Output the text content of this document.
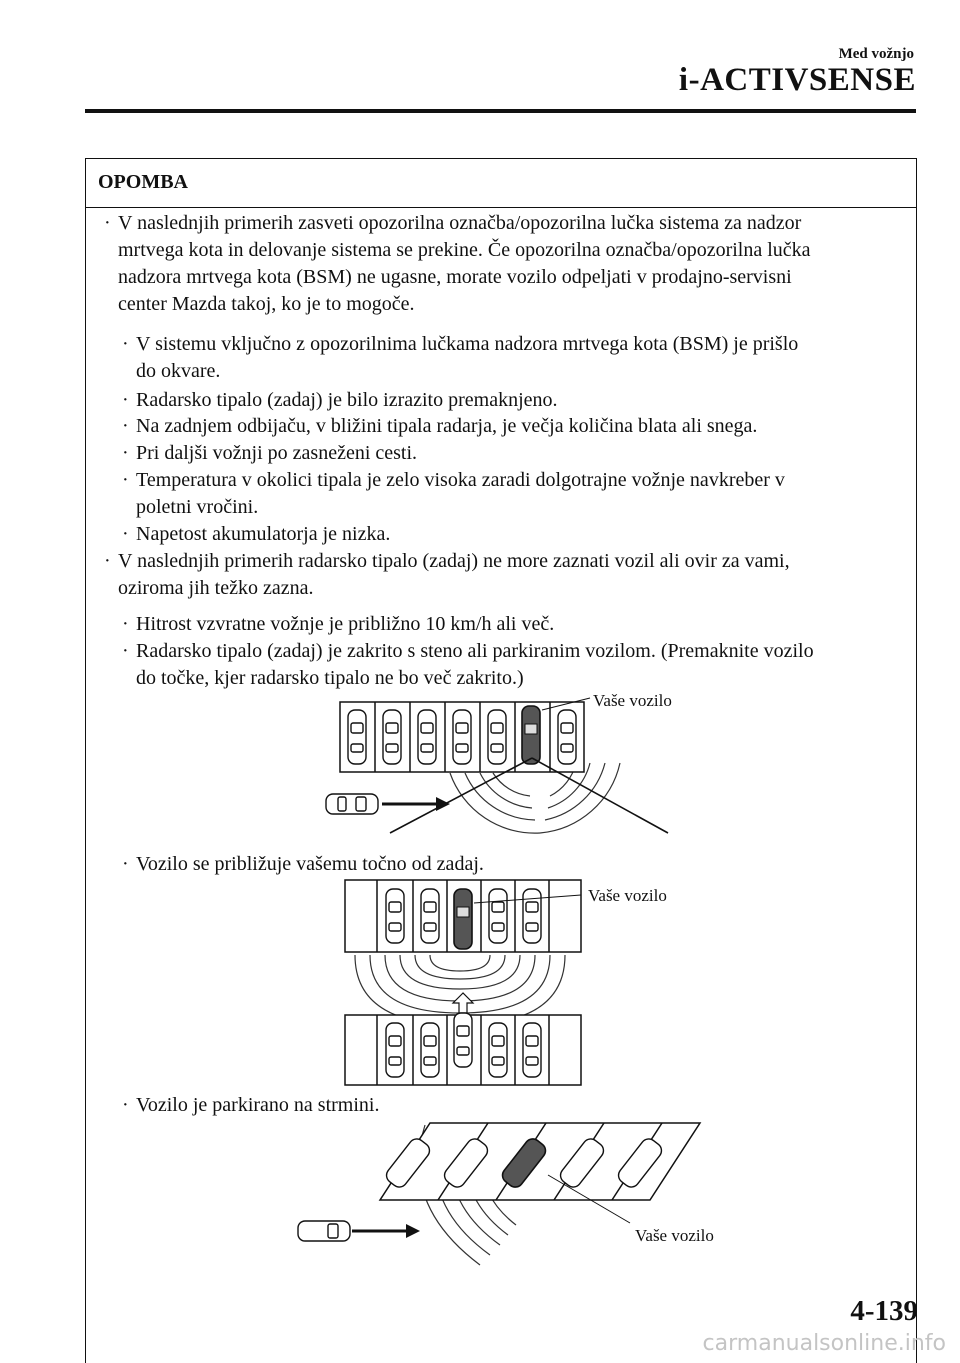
Med vožnjo
i-ACTIVSENSE
OPOMBA
· V naslednjih primerih zasveti opozorilna označba/opozorilna lučka sistema za nadzor
mrtvega kota in delovanje sistema se prekine. Če opozorilna označba/opozorilna lučka
nadzora mrtvega kota (BSM) ne ugasne, morate vozilo odpeljati v prodajno-servisni
center Mazda takoj, ko je to mogoče.
· V sistemu vključno z opozorilnima lučkama nadzora mrtvega kota (BSM) je prišlo
do okvare.
· Radarsko tipalo (zadaj) je bilo izrazito premaknjeno.
· Na zadnjem odbijaču, v bližini tipala radarja, je večja količina blata ali snega.
· Pri daljši vožnji po zasneženi cesti.
· Temperatura v okolici tipala je zelo visoka zaradi dolgotrajne vožnje navkreber v
poletni vročini.
· Napetost akumulatorja je nizka.
· V naslednjih primerih radarsko tipalo (zadaj) ne more zaznati vozil ali ovir za vami,
oziroma jih težko zazna.
· Hitrost vzvratne vožnje je približno 10 km/h ali več.
· Radarsko tipalo (zadaj) je zakrito s steno ali parkiranim vozilom. (Premaknite vozilo
do točke, kjer radarsko tipalo ne bo več zakrito.)
Vaše vozilo
· Vozilo se približuje vašemu točno od zadaj.
Vaše vozilo
· Vozilo je parkirano na strmini.
Vaše vozilo
4-139
carmanualsonline.info
